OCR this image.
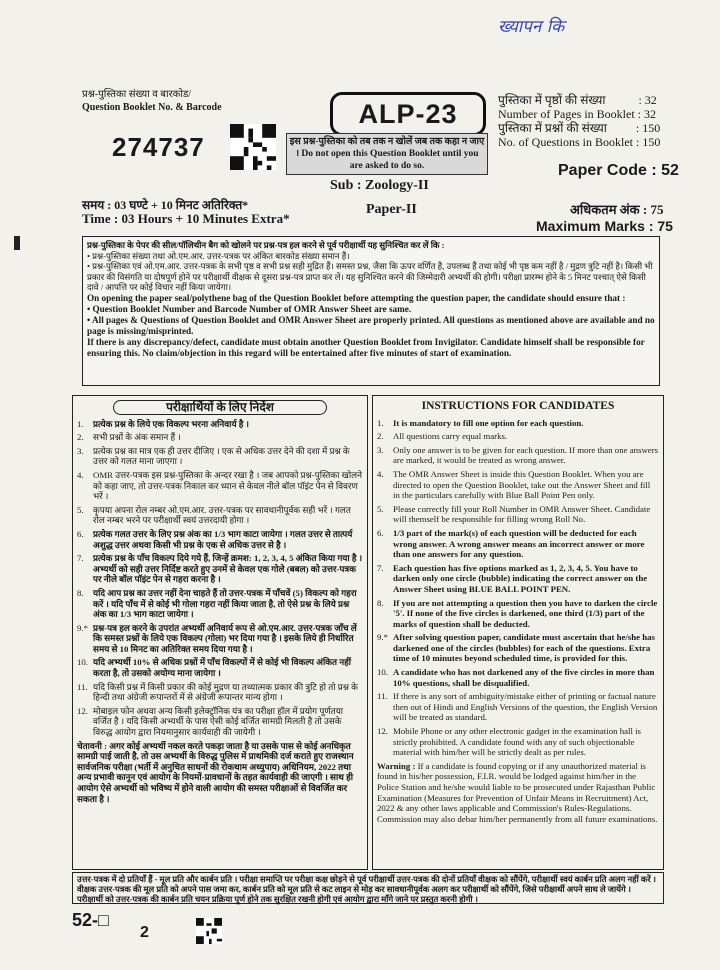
ख्यापन कि
प्रश्न-पुस्तिका संख्या व बारकोड/
Question Booklet No. & Barcode
274737
ALP-23
इस प्रश्न-पुस्तिका को तब तक न खोलें जब तक कहा न जाए । Do not open this Question Booklet until you are asked to do so.
पुस्तिका में पृष्ठों की संख्या	: 32
Number of Pages in Booklet : 32
पुस्तिका में प्रश्नों की संख्या : 150
No. of Questions in Booklet : 150
Paper Code : 52
Sub : Zoology-II
Paper-II
समय : 03 घण्टे + 10 मिनट अतिरिक्त*
Time : 03 Hours + 10 Minutes Extra*
अधिकतम अंक : 75
Maximum Marks : 75
प्रश्न-पुस्तिका के पेपर की सील/पॉलिथीन बैग को खोलने पर प्रश्न-पत्र हल करने से पूर्व परीक्षार्थी यह सुनिश्चित कर लें कि :
• प्रश्न-पुस्तिका संख्या तथा ओ.एम.आर. उत्तर-पत्रक पर अंकित बारकोड संख्या समान हैं।
• प्रश्न-पुस्तिका एवं ओ.एम.आर. उत्तर-पत्रक के सभी पृष्ठ व सभी प्रश्न सही मुद्रित हैं। समस्त प्रश्न, जैसा कि ऊपर वर्णित है, उपलब्ध हैं तथा कोई भी पृष्ठ कम नहीं है / मुद्रण त्रुटि नहीं है। किसी भी प्रकार की विसंगति या दोषपूर्ण होने पर परीक्षार्थी वीक्षक से दूसरा प्रश्न-पत्र प्राप्त कर लें। यह सुनिश्चित करने की जिम्मेदारी अभ्यर्थी की होगी। परीक्षा प्रारम्भ होने के 5 मिनट पश्चात् ऐसे किसी दावे / आपत्ति पर कोई विचार नहीं किया जायेगा।
On opening the paper seal/polythene bag of the Question Booklet before attempting the question paper, the candidate should ensure that :
• Question Booklet Number and Barcode Number of OMR Answer Sheet are same.
• All pages & Questions of Question Booklet and OMR Answer Sheet are properly printed. All questions as mentioned above are available and no page is missing/misprinted.
If there is any discrepancy/defect, candidate must obtain another Question Booklet from Invigilator. Candidate himself shall be responsible for ensuring this. No claim/objection in this regard will be entertained after five minutes of start of examination.
परीक्षार्थियों के लिए निर्देश
1.	प्रत्येक प्रश्न के लिये एक विकल्प भरना अनिवार्य है ।
2.	सभी प्रश्नों के अंक समान हैं ।
3.	प्रत्येक प्रश्न का मात्र एक ही उत्तर दीजिए । एक से अधिक उत्तर देने की दशा में प्रश्न के उत्तर को गलत माना जाएगा ।
4.	OMR उत्तर-पत्रक इस प्रश्न-पुस्तिका के अन्दर रखा है । जब आपको प्रश्न-पुस्तिका खोलने को कहा जाए, तो उत्तर-पत्रक निकाल कर ध्यान से केवल नीले बॉल पॉइंट पेन से विवरण भरें ।
5.	कृपया अपना रोल नम्बर ओ.एम.आर. उत्तर-पत्रक पर सावधानीपूर्वक सही भरें । गलत रोल नम्बर भरने पर परीक्षार्थी स्वयं उत्तरदायी होगा ।
6.	प्रत्येक गलत उत्तर के लिए प्रश्न अंक का 1/3 भाग काटा जायेगा । गलत उत्तर से तात्पर्य अशुद्ध उत्तर अथवा किसी भी प्रश्न के एक से अधिक उत्तर से है ।
7.	प्रत्येक प्रश्न के पाँच विकल्प दिये गये हैं, जिन्हें क्रमश: 1, 2, 3, 4, 5 अंकित किया गया है । अभ्यर्थी को सही उत्तर निर्दिष्ट करते हुए उनमें से केवल एक गोले (बबल) को उत्तर-पत्रक पर नीले बॉल पॉइंट पेन से गहरा करना है ।
8.	यदि आप प्रश्न का उत्तर नहीं देना चाहते हैं तो उत्तर-पत्रक में पाँचवें (5) विकल्प को गहरा करें । यदि पाँच में से कोई भी गोला गहरा नहीं किया जाता है, तो ऐसे प्रश्न के लिये प्रश्न अंक का 1/3 भाग काटा जायेगा ।
9.* प्रश्न-पत्र हल करने के उपरांत अभ्यर्थी अनिवार्य रूप से ओ.एम.आर. उत्तर-पत्रक जाँच लें कि समस्त प्रश्नों के लिये एक विकल्प (गोला) भर दिया गया है । इसके लिये ही निर्धारित समय से 10 मिनट का अतिरिक्त समय दिया गया है ।
10. यदि अभ्यर्थी 10% से अधिक प्रश्नों में पाँच विकल्पों में से कोई भी विकल्प अंकित नहीं करता है, तो उसको अयोग्य माना जायेगा ।
11. यदि किसी प्रश्न में किसी प्रकार की कोई मुद्रण या तथ्यात्मक प्रकार की त्रुटि हो तो प्रश्न के हिन्दी तथा अंग्रेजी रूपान्तरों में से अंग्रेजी रूपान्तर मान्य होगा ।
12. मोबाइल फोन अथवा अन्य किसी इलेक्ट्रॉनिक यंत्र का परीक्षा हॉल में प्रयोग पूर्णतया वर्जित है । यदि किसी अभ्यर्थी के पास ऐसी कोई वर्जित सामग्री मिलती है तो उसके विरुद्ध आयोग द्वारा नियमानुसार कार्यवाही की जायेगी ।
चेतावनी : अगर कोई अभ्यर्थी नकल करते पकड़ा जाता है या उसके पास से कोई अनधिकृत सामग्री पाई जाती है, तो उस अभ्यर्थी के विरुद्ध पुलिस में प्राथमिकी दर्ज कराते हुए राजस्थान सार्वजनिक परीक्षा (भर्ती में अनुचित साधनों की रोकथाम अध्युपाय) अधिनियम, 2022 तथा अन्य प्रभावी कानून एवं आयोग के नियमों-प्रावधानों के तहत कार्यवाही की जाएगी । साथ ही आयोग ऐसे अभ्यर्थी को भविष्य में होने वाली आयोग की समस्त परीक्षाओं से विवर्जित कर सकता है ।
INSTRUCTIONS FOR CANDIDATES
1.	It is mandatory to fill one option for each question.
2.	All questions carry equal marks.
3.	Only one answer is to be given for each question. If more than one answers are marked, it would be treated as wrong answer.
4.	The OMR Answer Sheet is inside this Question Booklet. When you are directed to open the Question Booklet, take out the Answer Sheet and fill in the particulars carefully with Blue Ball Point Pen only.
5.	Please correctly fill your Roll Number in OMR Answer Sheet. Candidate will themself be responsible for filling wrong Roll No.
6.	1/3 part of the mark(s) of each question will be deducted for each wrong answer. A wrong answer means an incorrect answer or more than one answers for any question.
7.	Each question has five options marked as 1, 2, 3, 4, 5. You have to darken only one circle (bubble) indicating the correct answer on the Answer Sheet using BLUE BALL POINT PEN.
8.	If you are not attempting a question then you have to darken the circle '5'. If none of the five circles is darkened, one third (1/3) part of the marks of question shall be deducted.
9.* After solving question paper, candidate must ascertain that he/she has darkened one of the circles (bubbles) for each of the questions. Extra time of 10 minutes beyond scheduled time, is provided for this.
10. A candidate who has not darkened any of the five circles in more than 10% questions, shall be disqualified.
11. If there is any sort of ambiguity/mistake either of printing or factual nature then out of Hindi and English Versions of the question, the English Version will be treated as standard.
12. Mobile Phone or any other electronic gadget in the examination hall is strictly prohibited. A candidate found with any of such objectionable material with him/her will be strictly dealt as per rules.
Warning : If a candidate is found copying or if any unauthorized material is found in his/her possession, F.I.R. would be lodged against him/her in the Police Station and he/she would liable to be prosecuted under Rajasthan Public Examination (Measures for Prevention of Unfair Means in Recruitment) Act, 2022 & any other laws applicable and Commission's Rules-Regulations. Commission may also debar him/her permanently from all future examinations.
उत्तर-पत्रक में दो प्रतियाँ हैं - मूल प्रति और कार्बन प्रति । परीक्षा समाप्ति पर परीक्षा कक्ष छोड़ने से पूर्व परीक्षार्थी उत्तर-पत्रक की दोनों प्रतियाँ वीक्षक को सौंपेंगे, परीक्षार्थी स्वयं कार्बन प्रति अलग नहीं करें । वीक्षक उत्तर-पत्रक की मूल प्रति को अपने पास जमा कर, कार्बन प्रति को मूल प्रति से कट लाइन से मोड़ कर सावधानीपूर्वक अलग कर परीक्षार्थी को सौंपेंगे, जिसे परीक्षार्थी अपने साथ ले जायेंगे । परीक्षार्थी को उत्तर-पत्रक की कार्बन प्रति चयन प्रक्रिया पूर्ण होने तक सुरक्षित रखनी होगी एवं आयोग द्वारा माँगे जाने पर प्रस्तुत करनी होगी ।
52-□
2
